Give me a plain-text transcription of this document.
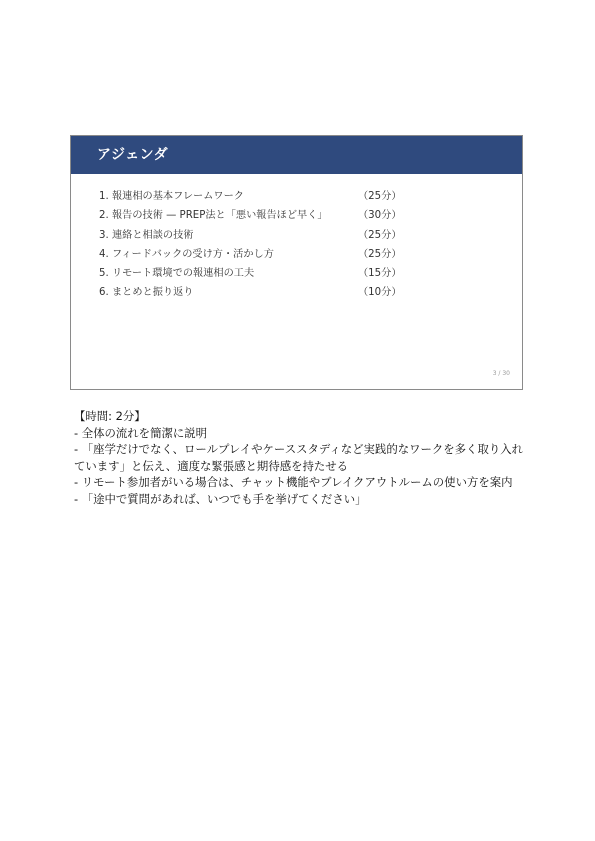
アジェンダ
1. 報連相の基本フレームワーク	（25分）
2. 報告の技術 — PREP法と「悪い報告ほど早く」	（30分）
3. 連絡と相談の技術	（25分）
4. フィードバックの受け方・活かし方	（25分）
5. リモート環境での報連相の工夫	（15分）
6. まとめと振り返り	（10分）
3 / 30

【時間: 2分】

- 全体の流れを簡潔に説明

- 「座学だけでなく、ロールプレイやケーススタディなど実践的なワークを多く取り入れています」と伝え、適度な緊張感と期待感を持たせる

- リモート参加者がいる場合は、チャット機能やブレイクアウトルームの使い方を案内

- 「途中で質問があれば、いつでも手を挙げてください」
